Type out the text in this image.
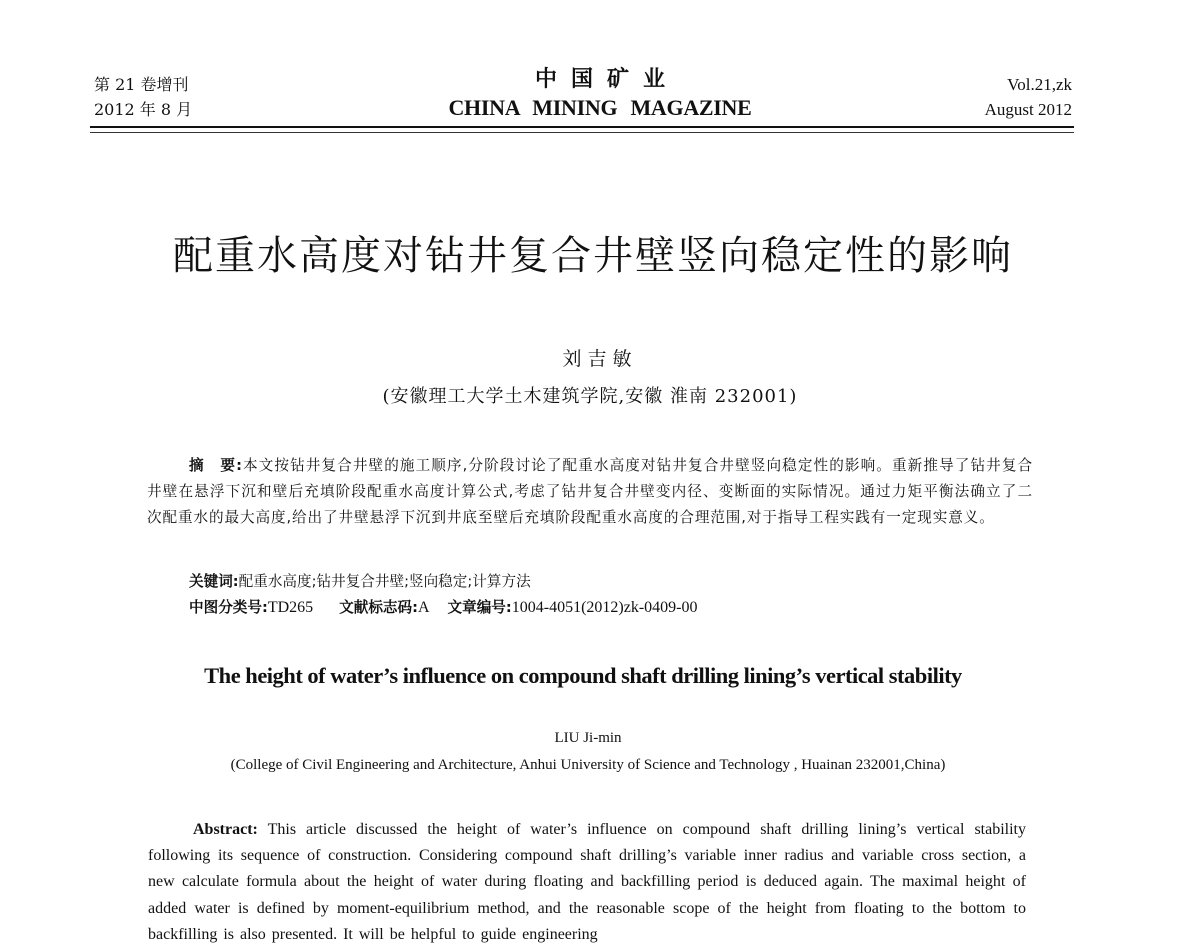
第 21 卷增刊
2012 年 8 月
中国矿业
CHINA MINING MAGAZINE
Vol.21,zk
August 2012
配重水高度对钻井复合井壁竖向稳定性的影响
刘吉敏
(安徽理工大学土木建筑学院,安徽 淮南 232001)
摘　要:本文按钻井复合井壁的施工顺序,分阶段讨论了配重水高度对钻井复合井壁竖向稳定性的影响。重新推导了钻井复合井壁在悬浮下沉和壁后充填阶段配重水高度计算公式,考虑了钻井复合井壁变内径、变断面的实际情况。通过力矩平衡法确立了二次配重水的最大高度,给出了井壁悬浮下沉到井底至壁后充填阶段配重水高度的合理范围,对于指导工程实践有一定现实意义。
关键词:配重水高度;钻井复合井壁;竖向稳定;计算方法
中图分类号:TD265 文献标志码:A 文章编号:1004-4051(2012)zk-0409-00
The height of water’s influence on compound shaft drilling lining’s vertical stability
LIU Ji-min
(College of Civil Engineering and Architecture, Anhui University of Science and Technology , Huainan 232001,China)
Abstract: This article discussed the height of water’s influence on compound shaft drilling lining’s vertical stability following its sequence of construction. Considering compound shaft drilling’s variable inner radius and variable cross section, a new calculate formula about the height of water during floating and backfilling period is deduced again. The maximal height of added water is defined by moment-equilibrium method, and the reasonable scope of the height from floating to the bottom to backfilling is also presented. It will be helpful to guide engineering
